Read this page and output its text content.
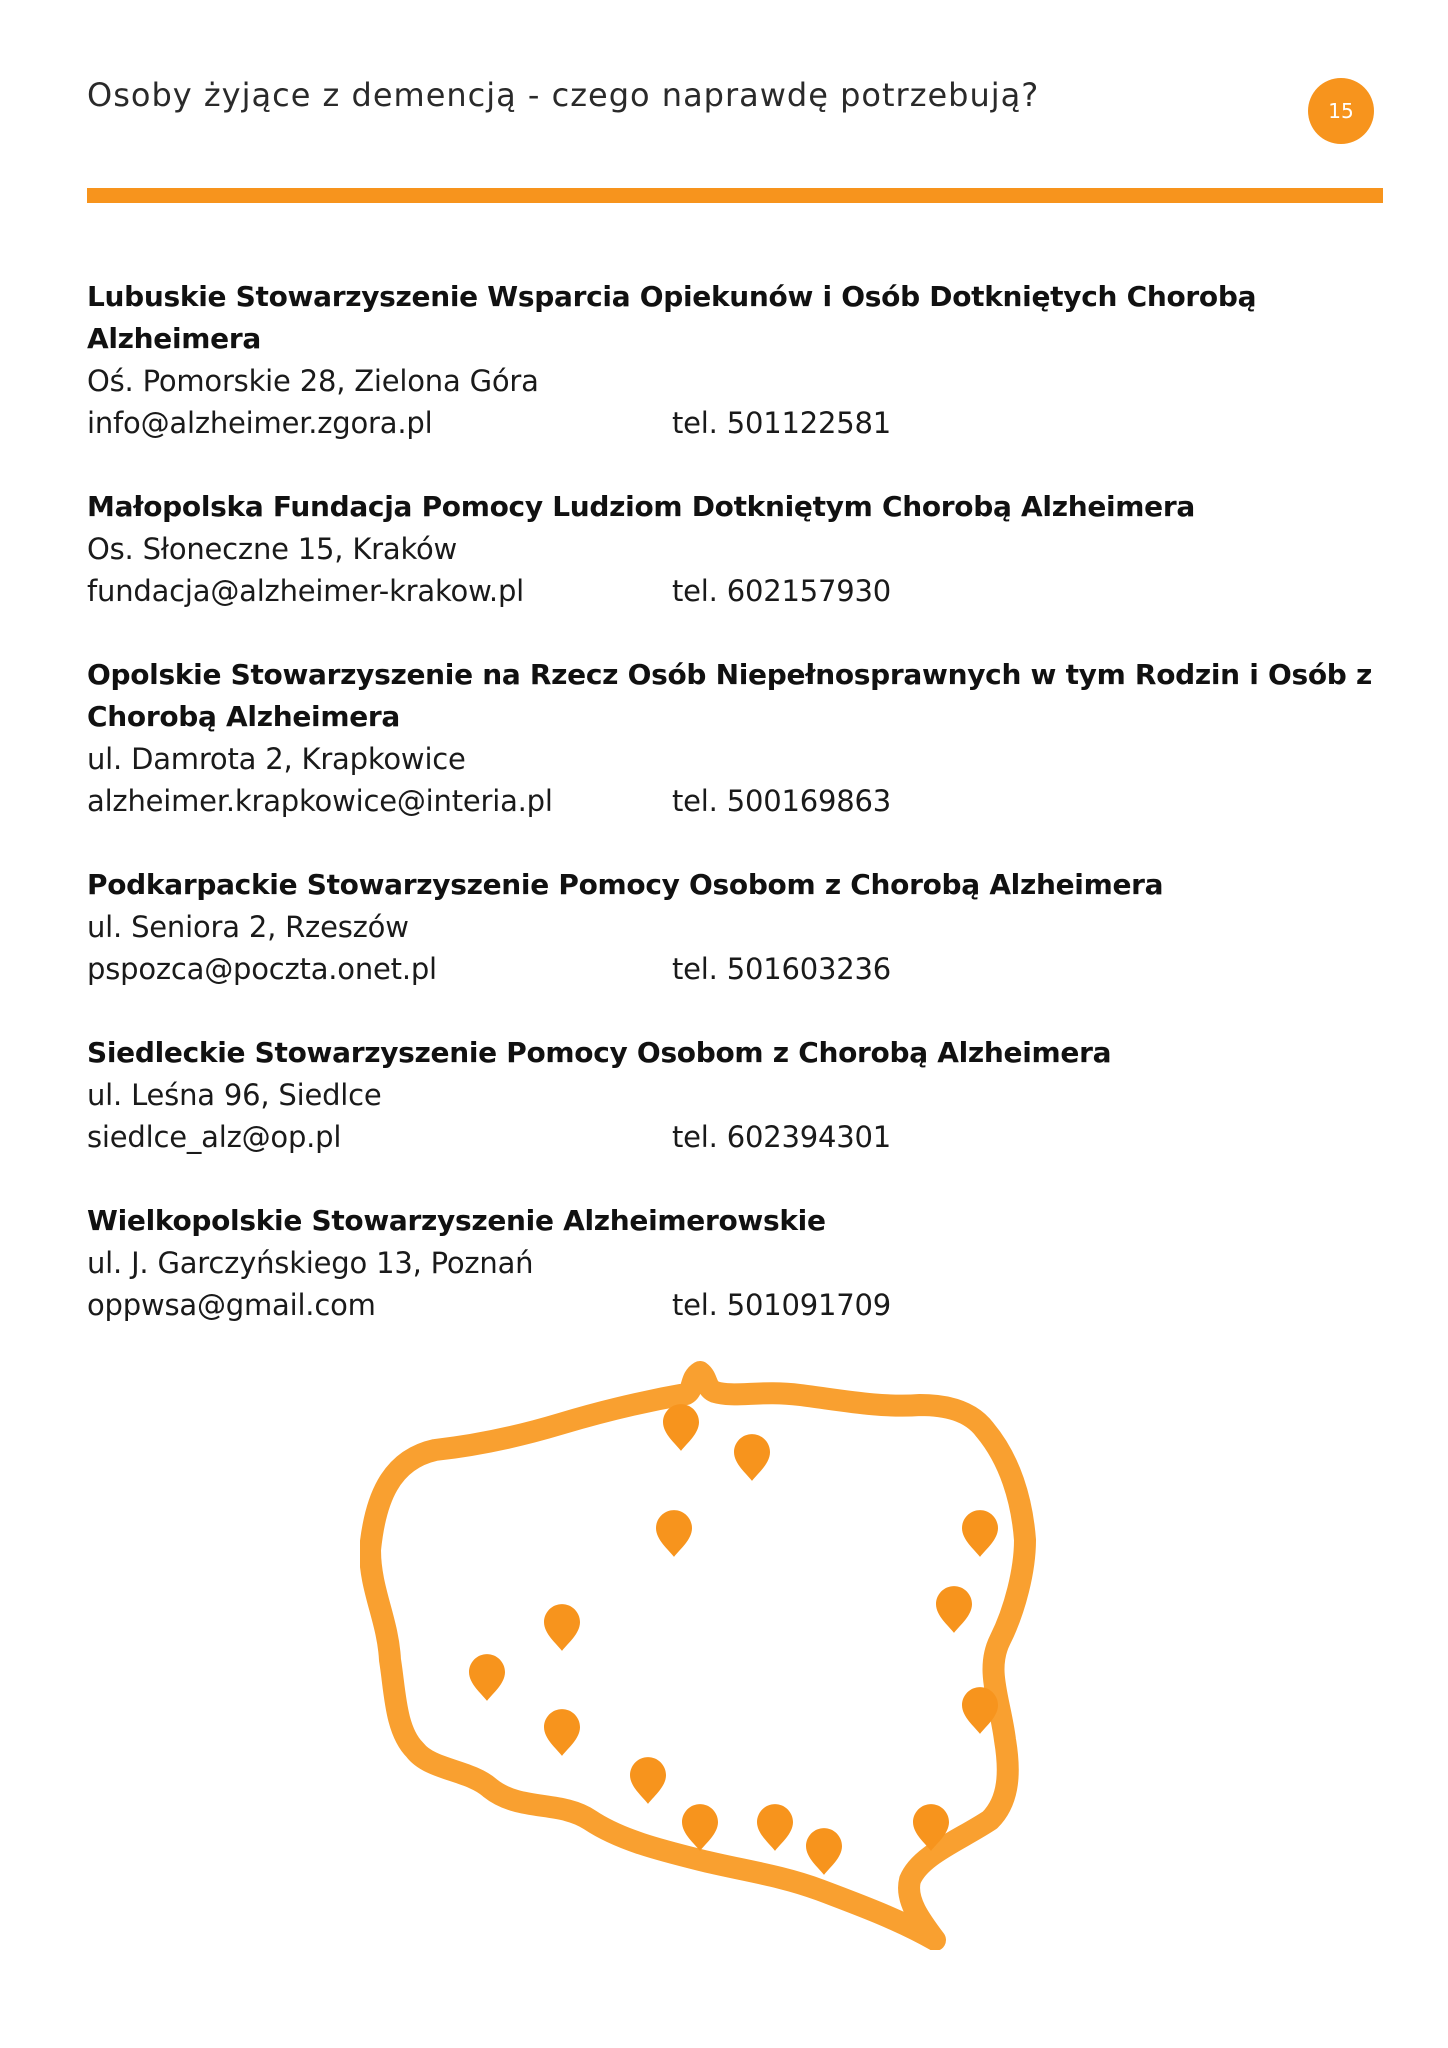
Osoby żyjące z demencją - czego naprawdę potrzebują?	15
Lubuskie Stowarzyszenie Wsparcia Opiekunów i Osób Dotkniętych Chorobą Alzheimera
Oś. Pomorskie 28, Zielona Góra
info@alzheimer.zgora.pl	tel. 501122581
Małopolska Fundacja Pomocy Ludziom Dotkniętym Chorobą Alzheimera
Os. Słoneczne 15, Kraków
fundacja@alzheimer-krakow.pl	tel. 602157930
Opolskie Stowarzyszenie na Rzecz Osób Niepełnosprawnych w tym Rodzin i Osób z Chorobą Alzheimera
ul. Damrota 2, Krapkowice
alzheimer.krapkowice@interia.pl	tel. 500169863
Podkarpackie Stowarzyszenie Pomocy Osobom z Chorobą Alzheimera
ul. Seniora 2, Rzeszów
pspozca@poczta.onet.pl	tel. 501603236
Siedleckie Stowarzyszenie Pomocy Osobom z Chorobą Alzheimera
ul. Leśna 96, Siedlce
siedlce_alz@op.pl	tel. 602394301
Wielkopolskie Stowarzyszenie Alzheimerowskie
ul. J. Garczyńskiego 13, Poznań
oppwsa@gmail.com	tel. 501091709
